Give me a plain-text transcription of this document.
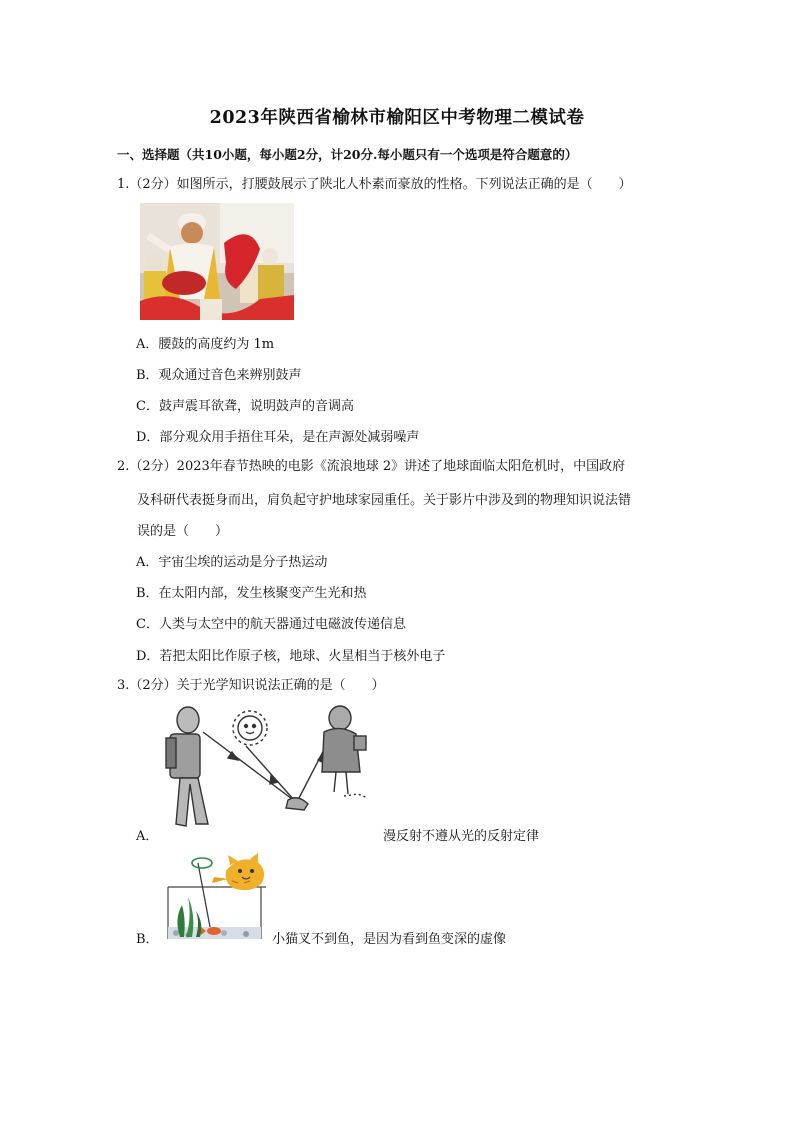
2023年陕西省榆林市榆阳区中考物理二模试卷
一、选择题（共10小题，每小题2分，计20分.每小题只有一个选项是符合题意的）
1.（2分）如图所示，打腰鼓展示了陕北人朴素而豪放的性格。下列说法正确的是（　　）
A．腰鼓的高度约为 1m
B．观众通过音色来辨别鼓声
C．鼓声震耳欲聋，说明鼓声的音调高
D．部分观众用手捂住耳朵，是在声源处减弱噪声
2.（2分）2023年春节热映的电影《流浪地球 2》讲述了地球面临太阳危机时，中国政府
及科研代表挺身而出，肩负起守护地球家园重任。关于影片中涉及到的物理知识说法错
误的是（　　）
A．宇宙尘埃的运动是分子热运动
B．在太阳内部，发生核聚变产生光和热
C．人类与太空中的航天器通过电磁波传递信息
D．若把太阳比作原子核，地球、火星相当于核外电子
3.（2分）关于光学知识说法正确的是（　　）
A．	漫反射不遵从光的反射定律
B．	小猫叉不到鱼，是因为看到鱼变深的虚像
